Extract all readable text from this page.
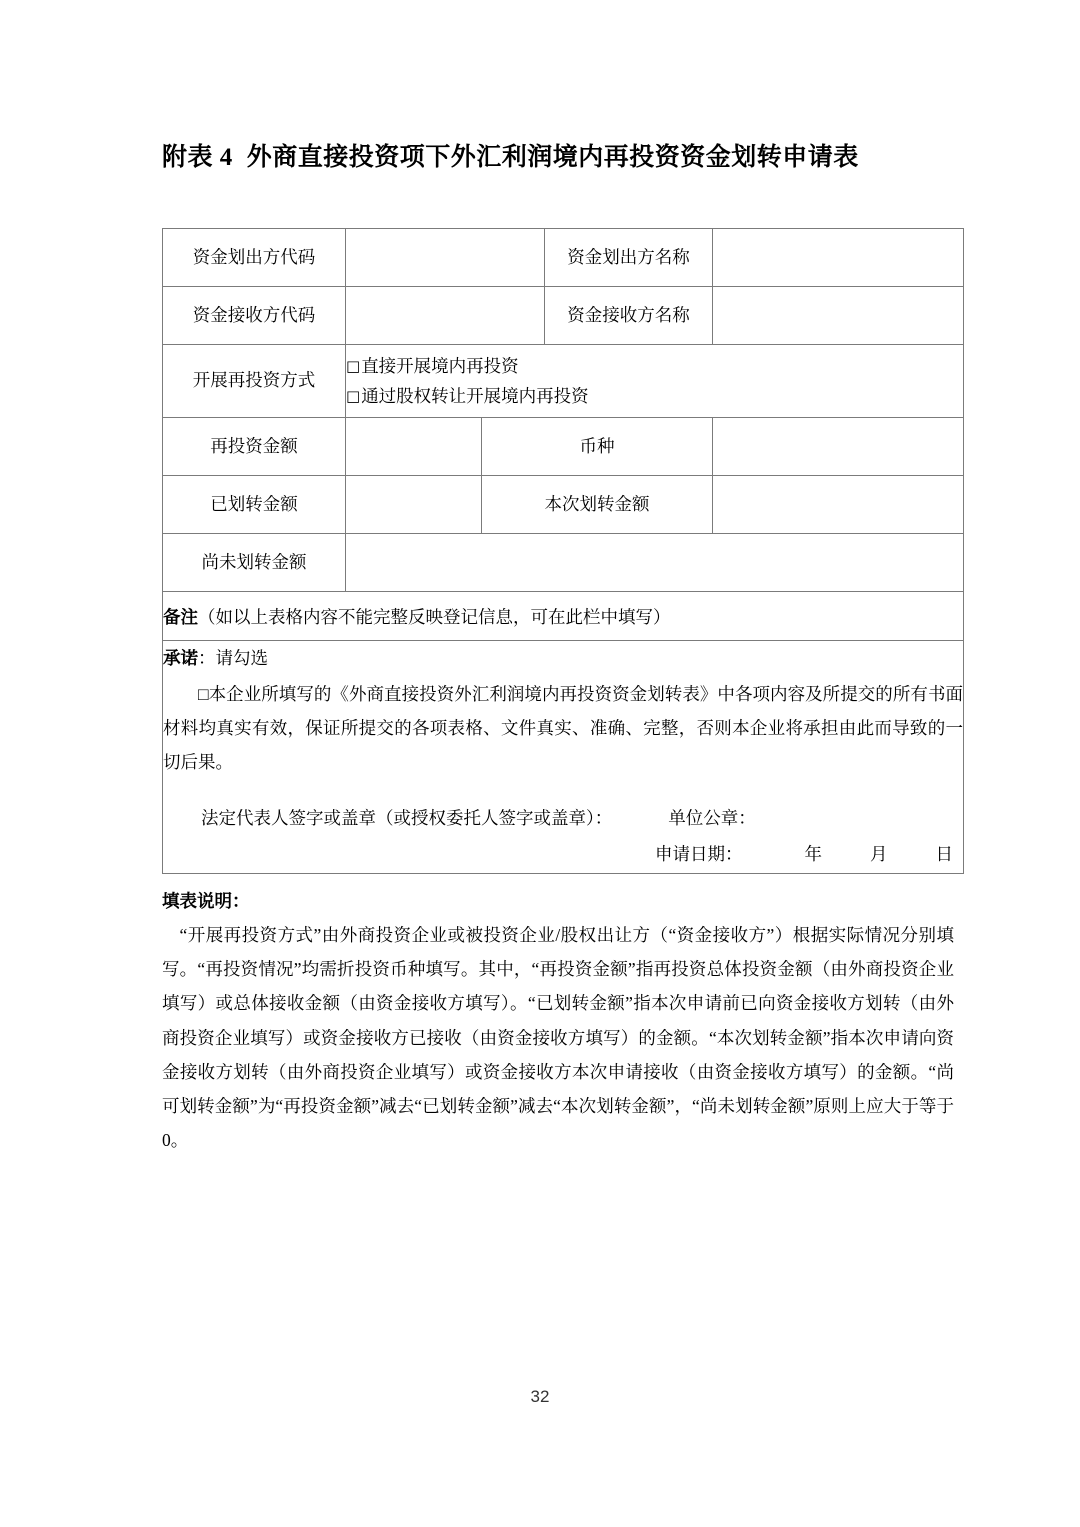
附表 4 外商直接投资项下外汇利润境内再投资资金划转申请表
资金划出方代码			资金划出方名称	
资金接收方代码			资金接收方名称	
开展再投资方式	□直接开展境内再投资
□通过股权转让开展境内再投资			

再投资金额		币种		
已划转金额		本次划转金额		
尚未划转金额				
备注（如以上表格内容不能完整反映登记信息，可在此栏中填写）				

承诺：请勾选
□本企业所填写的《外商直接投资外汇利润境内再投资资金划转表》中各项内容及所提交的所有书面材料均真实有效，保证所提交的各项表格、文件真实、准确、完整，否则本企业将承担由此而导致的一切后果。
法定代表人签字或盖章（或授权委托人签字或盖章）： 单位公章：
申请日期： 年 月 日				
填表说明：
“开展再投资方式”由外商投资企业或被投资企业/股权出让方（“资金接收方”）根据实际情况分别填写。“再投资情况”均需折投资币种填写。其中，“再投资金额”指再投资总体投资金额（由外商投资企业填写）或总体接收金额（由资金接收方填写）。“已划转金额”指本次申请前已向资金接收方划转（由外商投资企业填写）或资金接收方已接收（由资金接收方填写）的金额。“本次划转金额”指本次申请向资金接收方划转（由外商投资企业填写）或资金接收方本次申请接收（由资金接收方填写）的金额。“尚可划转金额”为“再投资金额”减去“已划转金额”减去“本次划转金额”，“尚未划转金额”原则上应大于等于 0。
32
